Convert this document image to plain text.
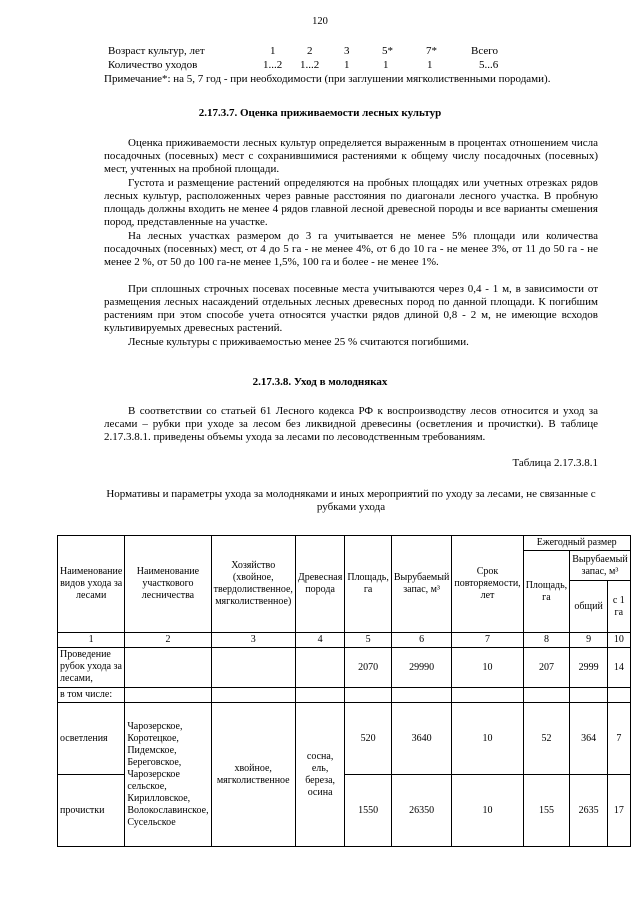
120
Возраст культур, лет	1	2	3	5*	7*	Всего
Количество уходов	1...2 1...2 1	1	1	5...6
Примечание*: на 5, 7 год - при необходимости (при заглушении мягколиственными породами).
2.17.3.7. Оценка приживаемости лесных культур
Оценка приживаемости лесных культур определяется выраженным в процентах отношением числа посадочных (посевных) мест с сохранившимися растениями к общему числу посадочных (посевных) мест, учтенных на пробной площади.
Густота и размещение растений определяются на пробных площадях или учетных отрезках рядов лесных культур, расположенных через равные расстояния по диагонали лесного участка. В пробную площадь должны входить не менее 4 рядов главной лесной древесной породы и все варианты смешения пород, представленные на участке.
На лесных участках размером до 3 га учитывается не менее 5% площади или количества посадочных (посевных) мест, от 4 до 5 га - не менее 4%, от 6 до 10 га - не менее 3%, от 11 до 50 га - не менее 2 %, от 50 до 100 га-не менее 1,5%, 100 га и более - не менее 1%.
При сплошных строчных посевах посевные места учитываются через 0,4 - 1 м, в зависимости от размещения лесных насаждений отдельных лесных древесных пород по данной площади. К погибшим растениям при этом способе учета относятся участки рядов длиной 0,8 - 2 м, не имеющие всходов культивируемых древесных растений.
Лесные культуры с приживаемостью менее 25 % считаются погибшими.
2.17.3.8. Уход в молодняках
В соответствии со статьей 61 Лесного кодекса РФ к воспроизводству лесов относится и уход за лесами – рубки при уходе за лесом без ликвидной древесины (осветления и прочистки). В таблице 2.17.3.8.1. приведены объемы ухода за лесами по лесоводственным требованиям.
Таблица 2.17.3.8.1
Нормативы и параметры ухода за молодняками и иных мероприятий по уходу за лесами, не связанные с рубками ухода
Наименование видов ухода за лесами	Наименование участкового лесничества	Хозяйство (хвойное, твердолиственное, мягколиственное)	Древесная порода	Площадь, га	Вырубаемый запас, м³	Срок повторяемости, лет	Ежегодный размер		
							Площадь, га	Вырубаемый запас, м³	
								общий	с 1 га
1	2	3	4	5	6	7	8	9	10
Проведение рубок ухода за лесами,				2070	29990	10	207	2999	14
в том числе:									
осветления	Чарозерское, Коротецкое, Пидемское, Береговское, Чарозерское сельское, Кирилловское, Волокославинское, Сусельское	хвойное, мягколиственное	сосна, ель, береза, осина	520	3640	10	52	364	7
прочистки				1550	26350	10	155	2635	17
